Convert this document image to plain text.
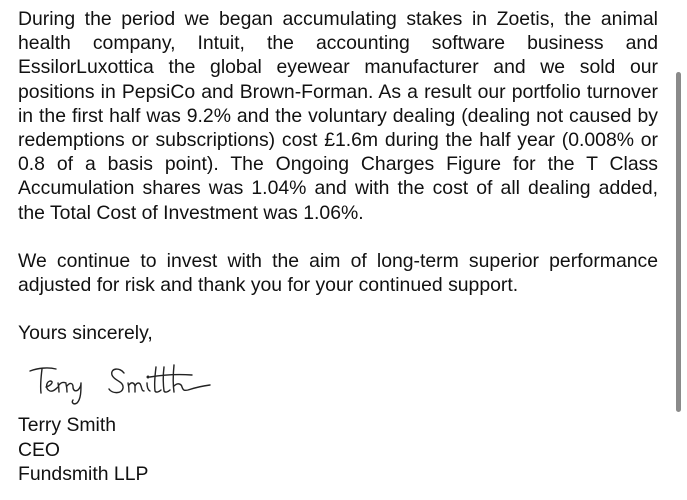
During the period we began accumulating stakes in Zoetis, the animal health company, Intuit, the accounting software business and EssilorLuxottica the global eyewear manufacturer and we sold our positions in PepsiCo and Brown-Forman. As a result our portfolio turnover in the first half was 9.2% and the voluntary dealing (dealing not caused by redemptions or subscriptions) cost £1.6m during the half year (0.008% or 0.8 of a basis point). The Ongoing Charges Figure for the T Class Accumulation shares was 1.04% and with the cost of all dealing added, the Total Cost of Investment was 1.06%.

We continue to invest with the aim of long-term superior performance adjusted for risk and thank you for your continued support.

Yours sincerely,

Terry Smith
CEO
Fundsmith LLP
